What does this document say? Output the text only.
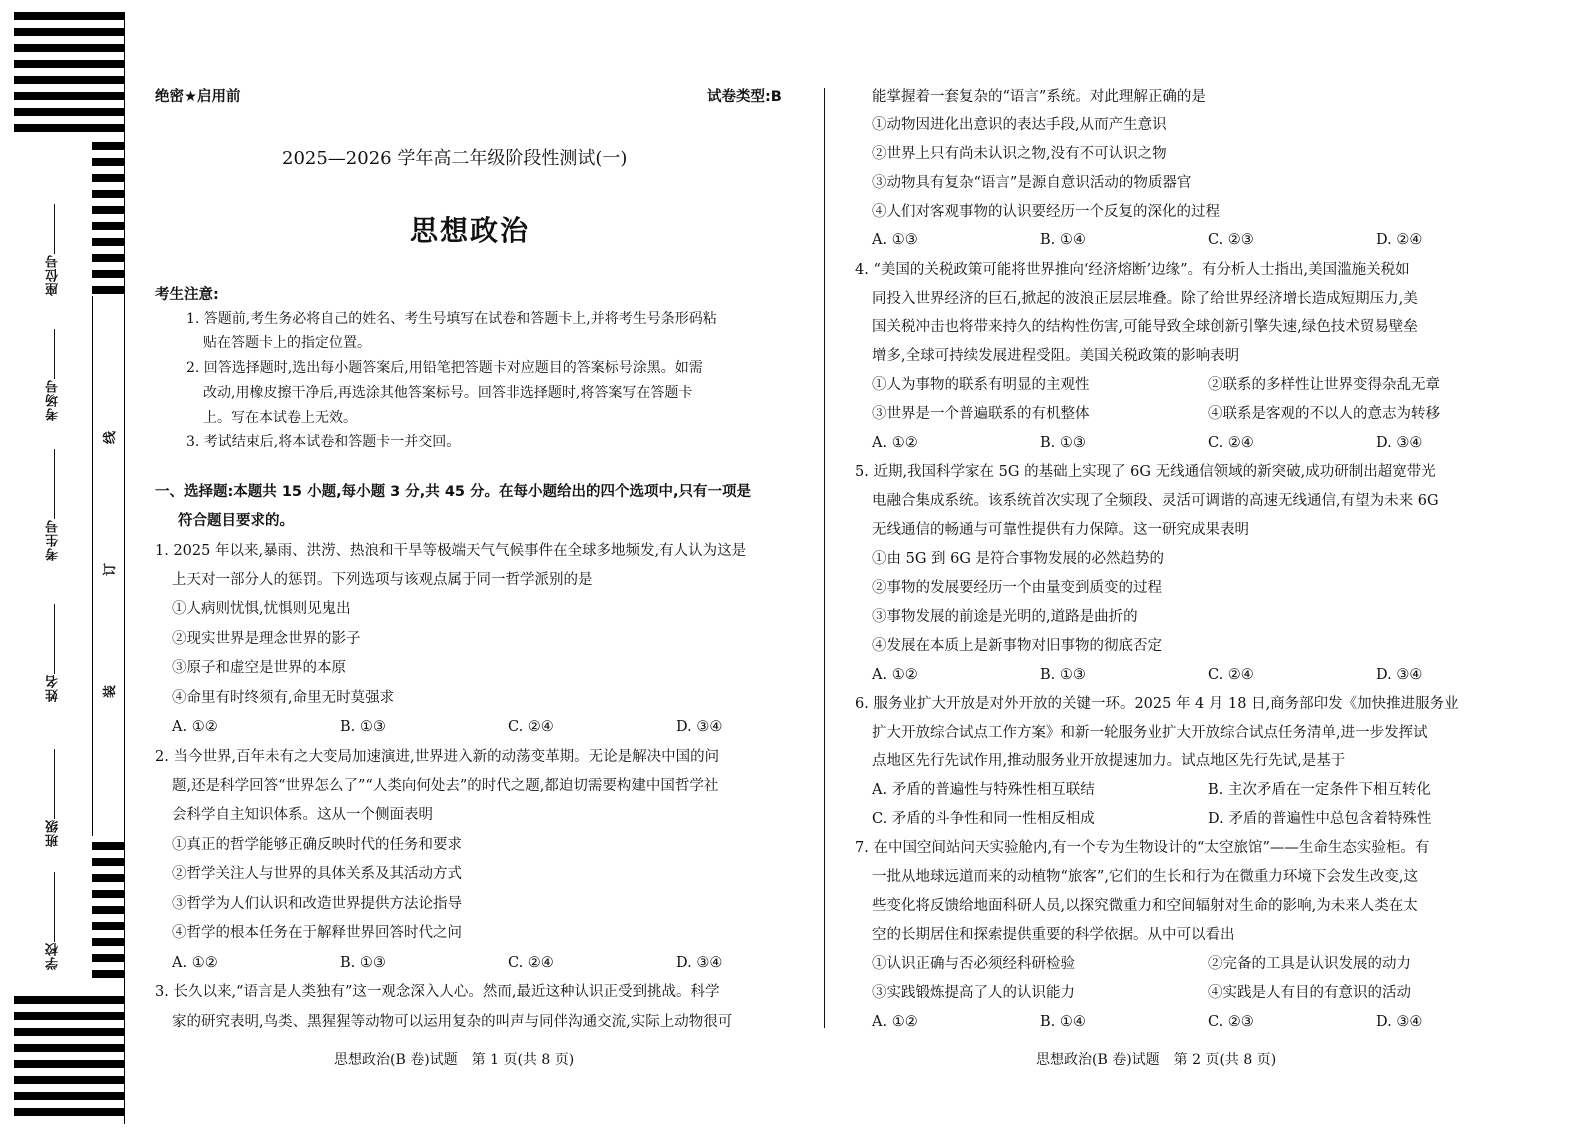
座位号
考场号
考生号
姓名
班级
学校
线
订
装
绝密★启用前	试卷类型:B
2025—2026 学年高二年级阶段性测试(一)
思想政治
考生注意:
1. 答题前,考生务必将自己的姓名、考生号填写在试卷和答题卡上,并将考生号条形码粘
贴在答题卡上的指定位置。
2. 回答选择题时,选出每小题答案后,用铅笔把答题卡对应题目的答案标号涂黑。如需
改动,用橡皮擦干净后,再选涂其他答案标号。回答非选择题时,将答案写在答题卡
上。写在本试卷上无效。
3. 考试结束后,将本试卷和答题卡一并交回。
一、选择题:本题共 15 小题,每小题 3 分,共 45 分。在每小题给出的四个选项中,只有一项是
符合题目要求的。
1. 2025 年以来,暴雨、洪涝、热浪和干旱等极端天气气候事件在全球多地频发,有人认为这是
上天对一部分人的惩罚。下列选项与该观点属于同一哲学派别的是
①人病则忧惧,忧惧则见鬼出
②现实世界是理念世界的影子
③原子和虚空是世界的本原
④命里有时终须有,命里无时莫强求
A. ①②	B. ①③	C. ②④	D. ③④
2. 当今世界,百年未有之大变局加速演进,世界进入新的动荡变革期。无论是解决中国的问
题,还是科学回答“世界怎么了”“人类向何处去”的时代之题,都迫切需要构建中国哲学社
会科学自主知识体系。这从一个侧面表明
①真正的哲学能够正确反映时代的任务和要求
②哲学关注人与世界的具体关系及其活动方式
③哲学为人们认识和改造世界提供方法论指导
④哲学的根本任务在于解释世界回答时代之问
A. ①②	B. ①③	C. ②④	D. ③④
3. 长久以来,“语言是人类独有”这一观念深入人心。然而,最近这种认识正受到挑战。科学
家的研究表明,鸟类、黑猩猩等动物可以运用复杂的叫声与同伴沟通交流,实际上动物很可
思想政治(B 卷)试题　第 1 页(共 8 页)
能掌握着一套复杂的“语言”系统。对此理解正确的是
①动物因进化出意识的表达手段,从而产生意识
②世界上只有尚未认识之物,没有不可认识之物
③动物具有复杂“语言”是源自意识活动的物质器官
④人们对客观事物的认识要经历一个反复的深化的过程
A. ①③	B. ①④	C. ②③	D. ②④
4. “美国的关税政策可能将世界推向‘经济熔断’边缘”。有分析人士指出,美国滥施关税如
同投入世界经济的巨石,掀起的波浪正层层堆叠。除了给世界经济增长造成短期压力,美
国关税冲击也将带来持久的结构性伤害,可能导致全球创新引擎失速,绿色技术贸易壁垒
增多,全球可持续发展进程受阻。美国关税政策的影响表明
①人为事物的联系有明显的主观性	②联系的多样性让世界变得杂乱无章
③世界是一个普遍联系的有机整体	④联系是客观的不以人的意志为转移
A. ①②	B. ①③	C. ②④	D. ③④
5. 近期,我国科学家在 5G 的基础上实现了 6G 无线通信领域的新突破,成功研制出超宽带光
电融合集成系统。该系统首次实现了全频段、灵活可调谐的高速无线通信,有望为未来 6G
无线通信的畅通与可靠性提供有力保障。这一研究成果表明
①由 5G 到 6G 是符合事物发展的必然趋势的
②事物的发展要经历一个由量变到质变的过程
③事物发展的前途是光明的,道路是曲折的
④发展在本质上是新事物对旧事物的彻底否定
A. ①②	B. ①③	C. ②④	D. ③④
6. 服务业扩大开放是对外开放的关键一环。2025 年 4 月 18 日,商务部印发《加快推进服务业
扩大开放综合试点工作方案》和新一轮服务业扩大开放综合试点任务清单,进一步发挥试
点地区先行先试作用,推动服务业开放提速加力。试点地区先行先试,是基于
A. 矛盾的普遍性与特殊性相互联结	B. 主次矛盾在一定条件下相互转化
C. 矛盾的斗争性和同一性相反相成	D. 矛盾的普遍性中总包含着特殊性
7. 在中国空间站问天实验舱内,有一个专为生物设计的“太空旅馆”——生命生态实验柜。有
一批从地球远道而来的动植物“旅客”,它们的生长和行为在微重力环境下会发生改变,这
些变化将反馈给地面科研人员,以探究微重力和空间辐射对生命的影响,为未来人类在太
空的长期居住和探索提供重要的科学依据。从中可以看出
①认识正确与否必须经科研检验	②完备的工具是认识发展的动力
③实践锻炼提高了人的认识能力	④实践是人有目的有意识的活动
A. ①②	B. ①④	C. ②③	D. ③④
思想政治(B 卷)试题　第 2 页(共 8 页)
